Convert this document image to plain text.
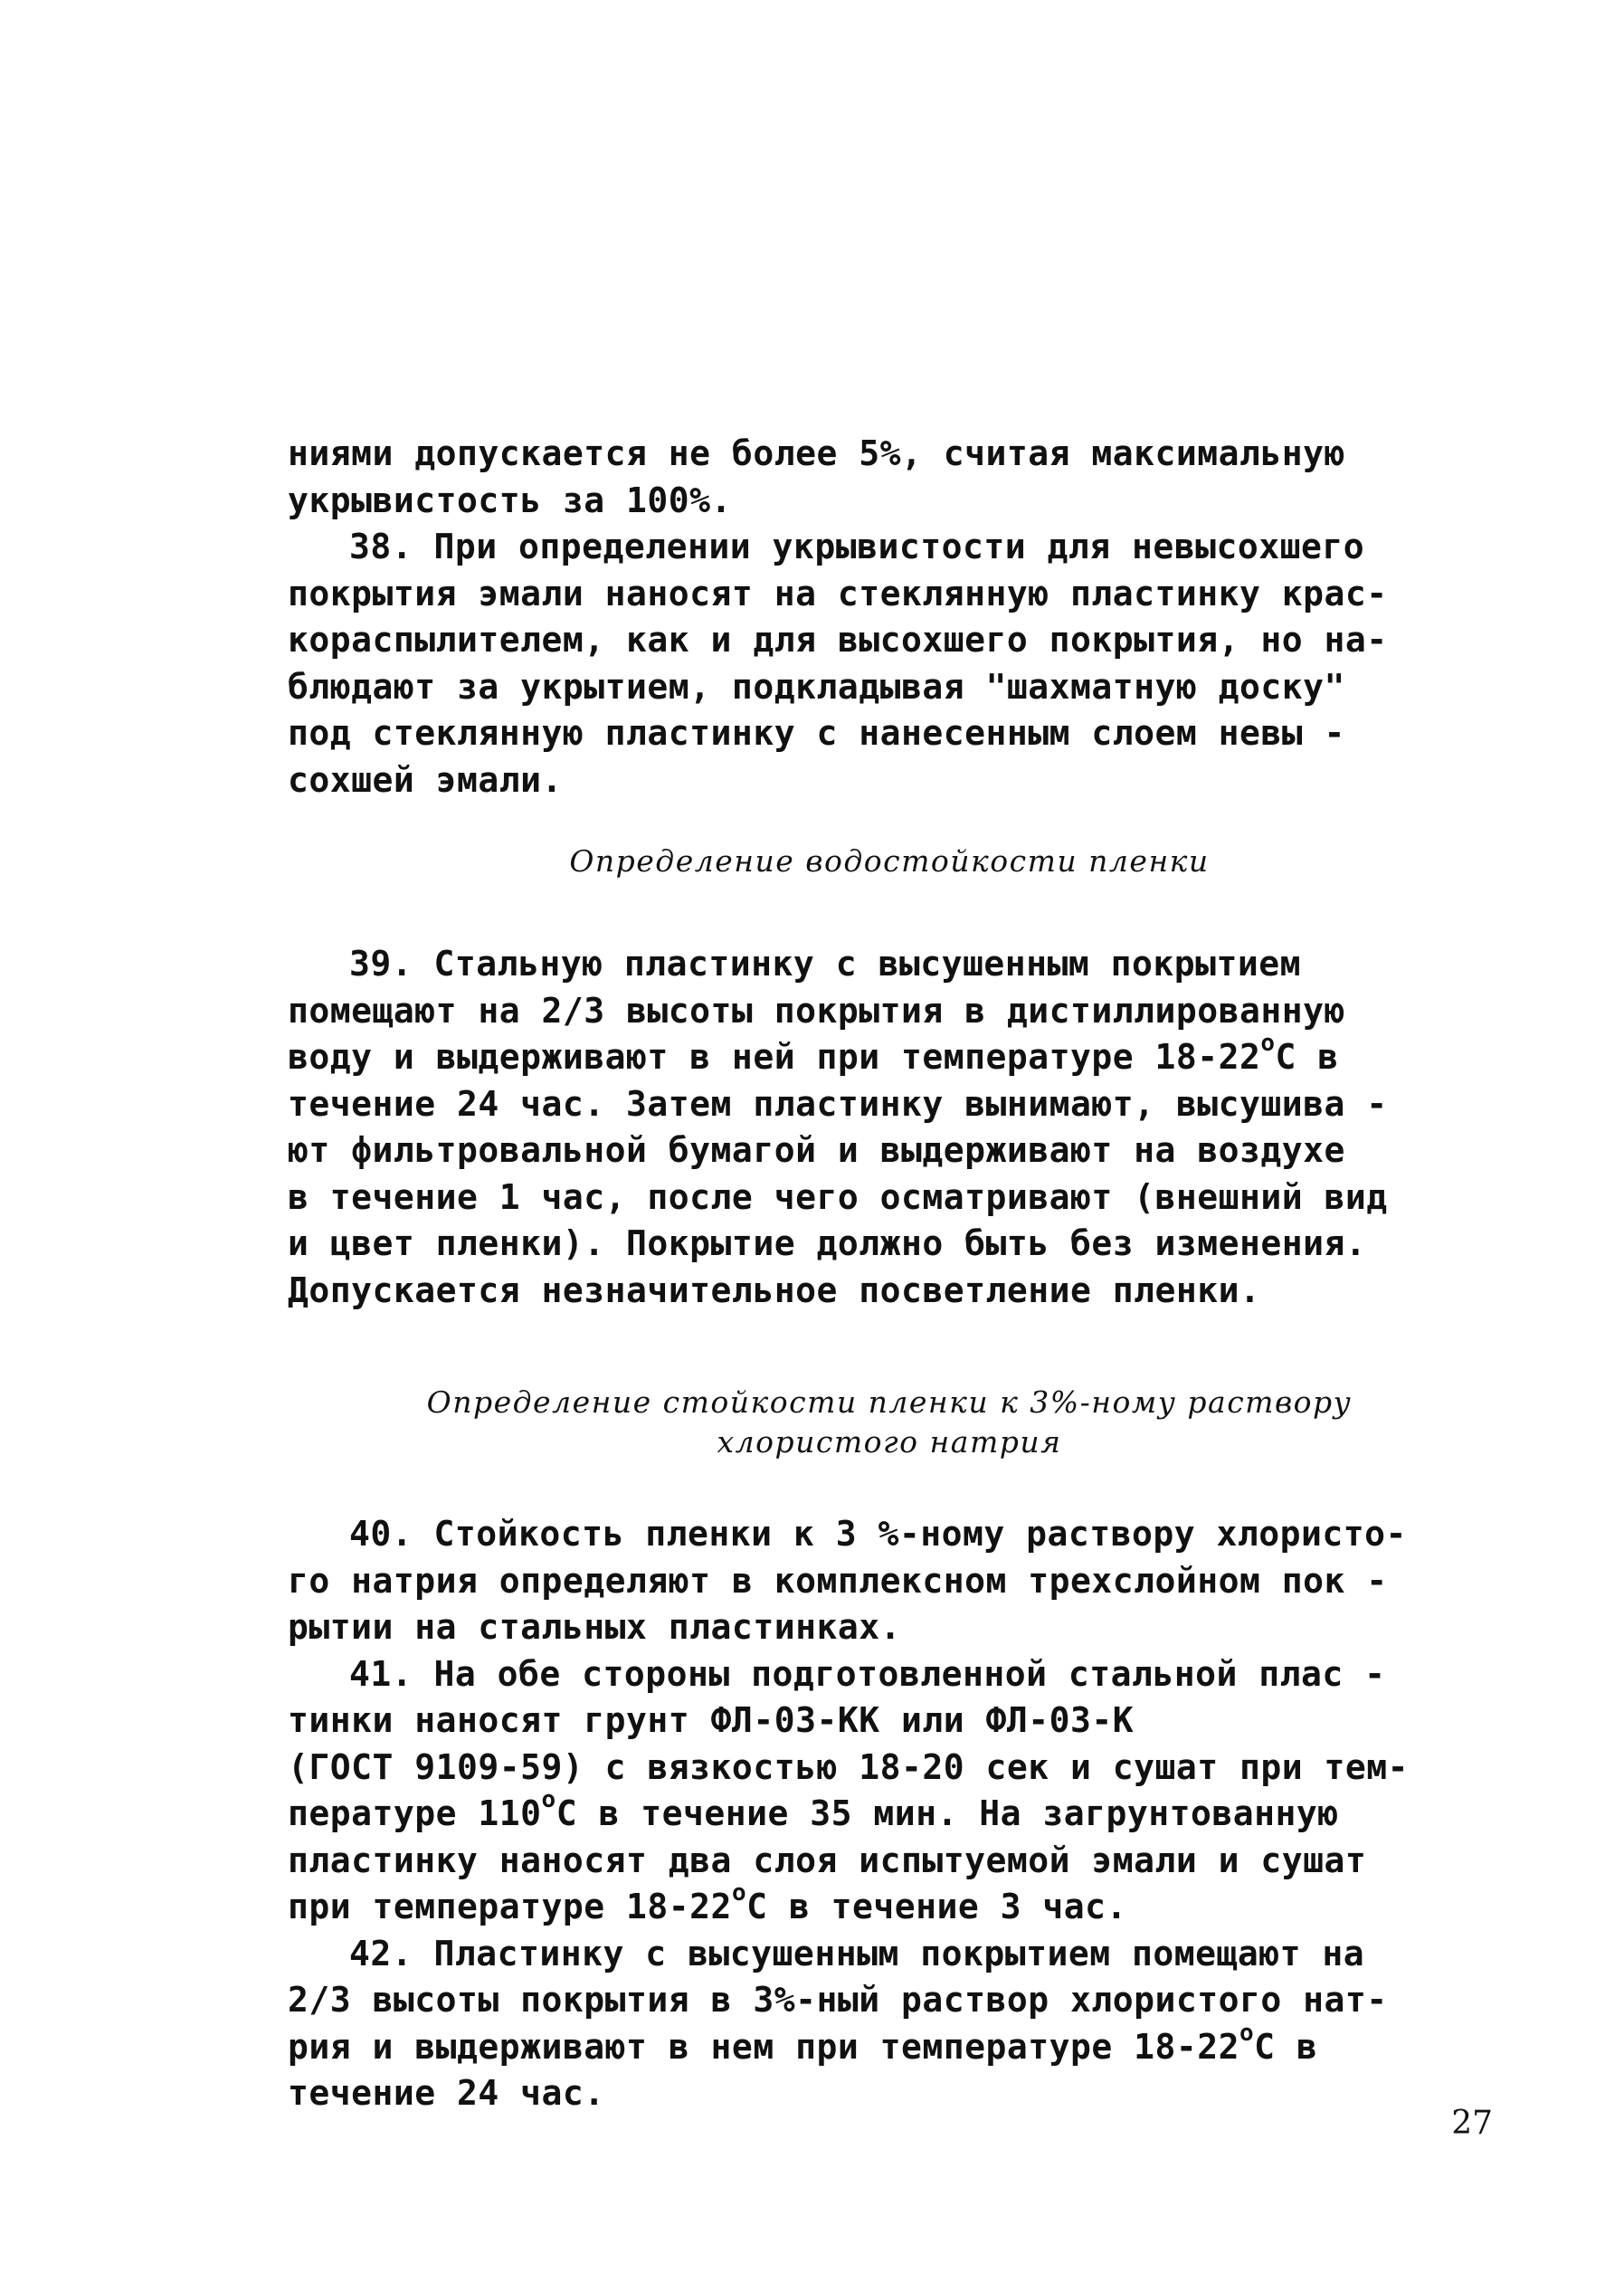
ниями допускается не более 5%, считая максимальную
укрывистость за 100%.
38. При определении укрывистости для невысохшего
покрытия эмали наносят на стеклянную пластинку крас-
кораспылителем, как и для высохшего покрытия, но на-
блюдают за укрытием, подкладывая "шахматную доску"
под стеклянную пластинку с нанесенным слоем невы -
сохшей эмали.
Определение водостойкости пленки
39. Стальную пластинку с высушенным покрытием
помещают на 2/3 высоты покрытия в дистиллированную
воду и выдерживают в ней при температуре $18-22^оС$ в
течение 24 час. Затем пластинку вынимают, высушива -
ют фильтровальной бумагой и выдерживают на воздухе
в течение 1 час, после чего осматривают (внешний вид
и цвет пленки). Покрытие должно быть без изменения.
Допускается незначительное посветление пленки.
Определение стойкости пленки к 3%-ному раствору
хлористого натрия
40. Стойкость пленки к 3 %-ному раствору хлористо-
го натрия определяют в комплексном трехслойном пок -
рытии на стальных пластинках.
41. На обе стороны подготовленной стальной плас -
тинки наносят грунт ФЛ-03-КК или ФЛ-03-К
(ГОСТ 9109-59) с вязкостью 18-20 сек и сушат при тем-
пературе $110^оС$ в течение 35 мин. На загрунтованную
пластинку наносят два слоя испытуемой эмали и сушат
при температуре $18-22^оС$ в течение 3 час.
42. Пластинку с высушенным покрытием помещают на
2/3 высоты покрытия в 3%-ный раствор хлористого нат-
рия и выдерживают в нем при температуре $18-22^оС$ в
течение 24 час.
27
